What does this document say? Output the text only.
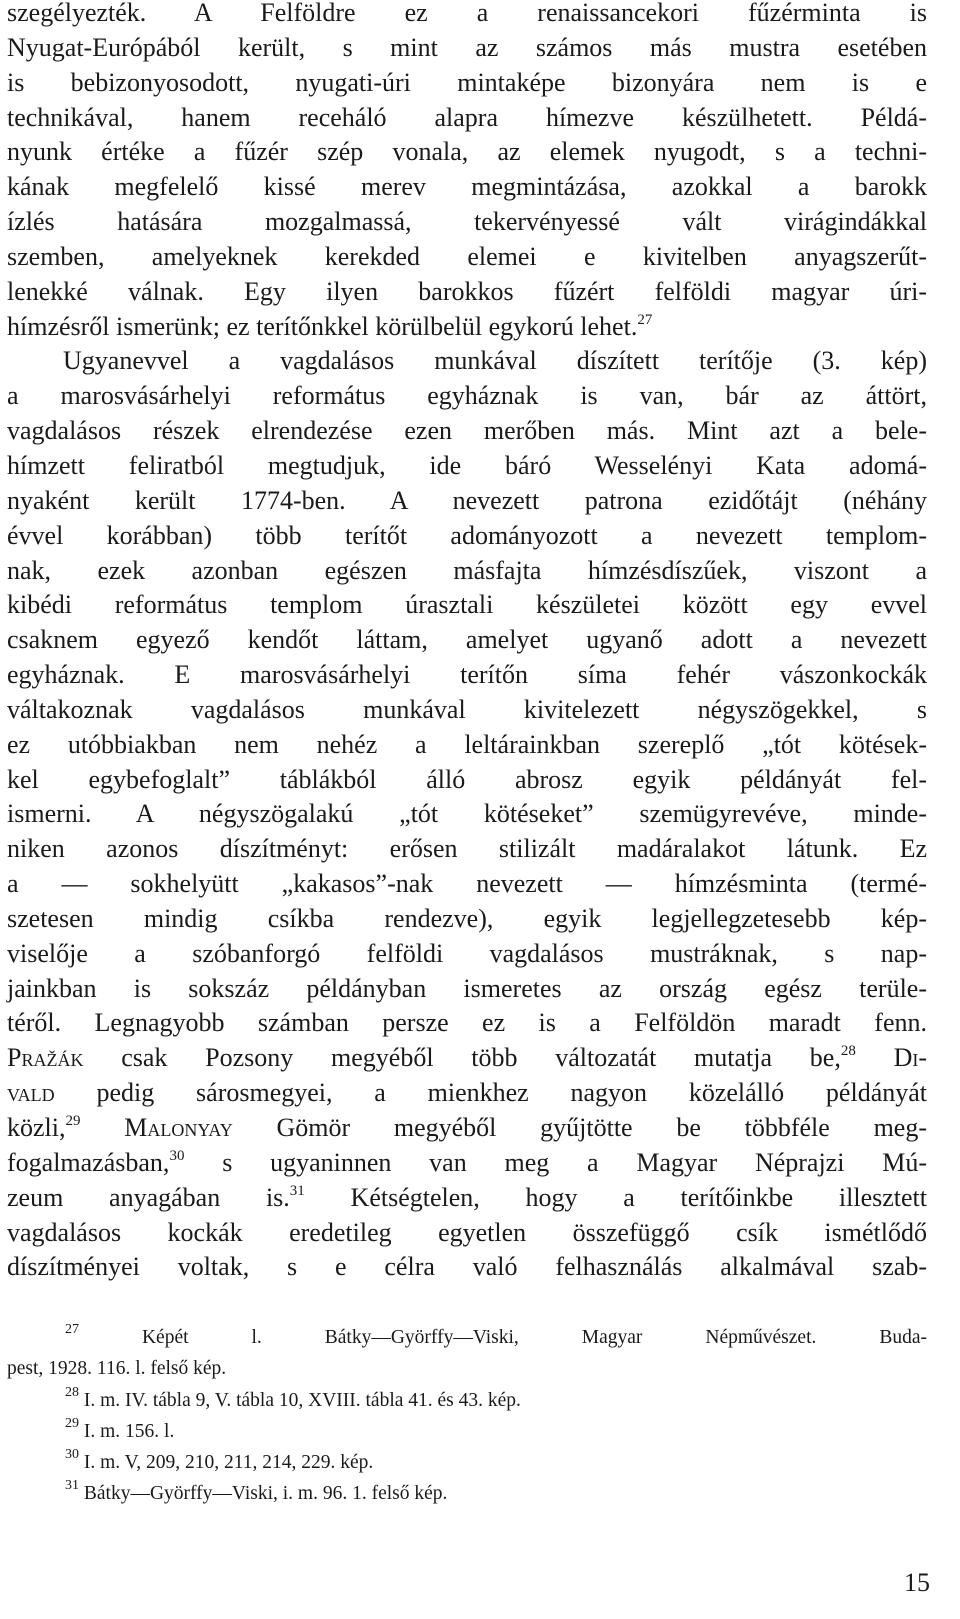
szegélyezték. A Felföldre ez a renaissancekori fűzérminta is
Nyugat-Európából került, s mint az számos más mustra esetében
is bebizonyosodott, nyugati-úri mintaképe bizonyára nem is e
technikával, hanem receháló alapra hímezve készülhetett. Példá-
nyunk értéke a fűzér szép vonala, az elemek nyugodt, s a techni-
kának megfelelő kissé merev megmintázása, azokkal a barokk
ízlés hatására mozgalmassá, tekervényessé vált virágindákkal
szemben, amelyeknek kerekded elemei e kivitelben anyagszerűt-
lenekké válnak. Egy ilyen barokkos fűzért felföldi magyar úri-
hímzésről ismerünk; ez terítőnkkel körülbelül egykorú lehet.$^{27}$
Ugyanevvel a vagdalásos munkával díszített terítője (3. kép)
a marosvásárhelyi református egyháznak is van, bár az áttört,
vagdalásos részek elrendezése ezen merőben más. Mint azt a bele-
hímzett feliratból megtudjuk, ide báró Wesselényi Kata adomá-
nyaként került 1774-ben. A nevezett patrona ezidőtájt (néhány
évvel korábban) több terítőt adományozott a nevezett templom-
nak, ezek azonban egészen másfajta hímzésdíszűek, viszont a
kibédi református templom úrasztali készületei között egy evvel
csaknem egyező kendőt láttam, amelyet ugyanő adott a nevezett
egyháznak. E marosvásárhelyi terítőn síma fehér vászonkockák
váltakoznak vagdalásos munkával kivitelezett négyszögekkel, s
ez utóbbiakban nem nehéz a leltárainkban szereplő „tót kötések-
kel egybefoglalt” táblákból álló abrosz egyik példányát fel-
ismerni. A négyszögalakú „tót kötéseket” szemügyrevéve, minde-
niken azonos díszítményt: erősen stilizált madáralakot látunk. Ez
a — sokhelyütt „kakasos”-nak nevezett — hímzésminta (termé-
szetesen mindig csíkba rendezve), egyik legjellegzetesebb kép-
viselője a szóbanforgó felföldi vagdalásos mustráknak, s nap-
jainkban is sokszáz példányban ismeretes az ország egész terüle-
téről. Legnagyobb számban persze ez is a Felföldön maradt fenn.
Pražák csak Pozsony megyéből több változatát mutatja be,$^{28}$ Di-
vald pedig sárosmegyei, a mienkhez nagyon közelálló példányát
közli,$^{29}$ Malonyay Gömör megyéből gyűjtötte be többféle meg-
fogalmazásban,$^{30}$ s ugyaninnen van meg a Magyar Néprajzi Mú-
zeum anyagában is.$^{31}$ Kétségtelen, hogy a terítőinkbe illesztett
vagdalásos kockák eredetileg egyetlen összefüggő csík ismétlődő
díszítményei voltak, s e célra való felhasználás alkalmával szab-
$^{27}$ Képét l. Bátky—Györffy—Viski, Magyar Népművészet. Buda-
pest, 1928. 116. l. felső kép.
$^{28}$ I. m. IV. tábla 9, V. tábla 10, XVIII. tábla 41. és 43. kép.
$^{29}$ I. m. 156. l.
$^{30}$ I. m. V, 209, 210, 211, 214, 229. kép.
$^{31}$ Bátky—Györffy—Viski, i. m. 96. 1. felső kép.
15
